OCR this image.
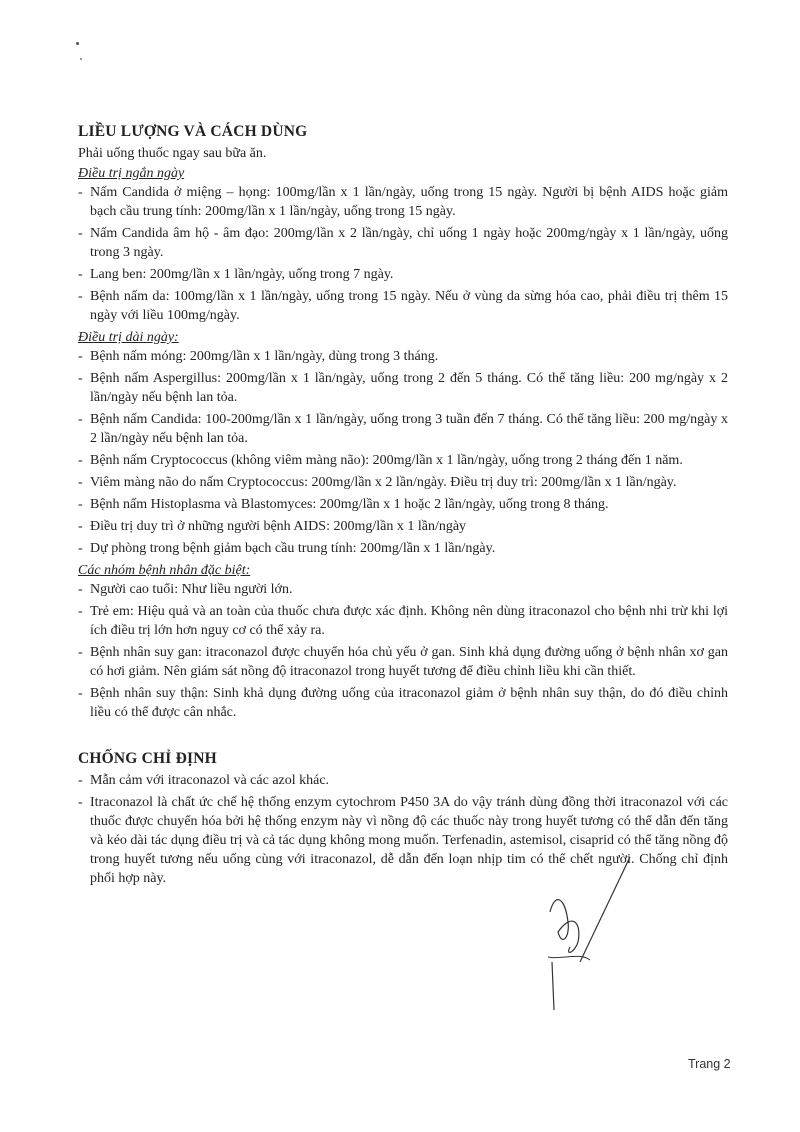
LIỀU LƯỢNG VÀ CÁCH DÙNG

Phải uống thuốc ngay sau bữa ăn.

Điều trị ngắn ngày
- Nấm Candida ở miệng – họng: 100mg/lần x 1 lần/ngày, uống trong 15 ngày. Người bị bệnh AIDS hoặc giảm bạch cầu trung tính: 200mg/lần x 1 lần/ngày, uống trong 15 ngày.
- Nấm Candida âm hộ - âm đạo: 200mg/lần x 2 lần/ngày, chỉ uống 1 ngày hoặc 200mg/ngày x 1 lần/ngày, uống trong 3 ngày.
- Lang ben: 200mg/lần x 1 lần/ngày, uống trong 7 ngày.
- Bệnh nấm da: 100mg/lần x 1 lần/ngày, uống trong 15 ngày. Nếu ở vùng da sừng hóa cao, phải điều trị thêm 15 ngày với liều 100mg/ngày.
Điều trị dài ngày:
- Bệnh nấm móng: 200mg/lần x 1 lần/ngày, dùng trong 3 tháng.
- Bệnh nấm Aspergillus: 200mg/lần x 1 lần/ngày, uống trong 2 đến 5 tháng. Có thể tăng liều: 200 mg/ngày x 2 lần/ngày nếu bệnh lan tỏa.
- Bệnh nấm Candida: 100-200mg/lần x 1 lần/ngày, uống trong 3 tuần đến 7 tháng. Có thể tăng liều: 200 mg/ngày x 2 lần/ngày nếu bệnh lan tỏa.
- Bệnh nấm Cryptococcus (không viêm màng não): 200mg/lần x 1 lần/ngày, uống trong 2 tháng đến 1 năm.
- Viêm màng não do nấm Cryptococcus: 200mg/lần x 2 lần/ngày. Điều trị duy trì: 200mg/lần x 1 lần/ngày.
- Bệnh nấm Histoplasma và Blastomyces: 200mg/lần x 1 hoặc 2 lần/ngày, uống trong 8 tháng.
- Điều trị duy trì ở những người bệnh AIDS: 200mg/lần x 1 lần/ngày
- Dự phòng trong bệnh giảm bạch cầu trung tính: 200mg/lần x 1 lần/ngày.
Các nhóm bệnh nhân đặc biệt:
- Người cao tuổi: Như liều người lớn.
- Trẻ em: Hiệu quả và an toàn của thuốc chưa được xác định. Không nên dùng itraconazol cho bệnh nhi trừ khi lợi ích điều trị lớn hơn nguy cơ có thể xảy ra.
- Bệnh nhân suy gan: itraconazol được chuyển hóa chủ yếu ở gan. Sinh khả dụng đường uống ở bệnh nhân xơ gan có hơi giảm. Nên giám sát nồng độ itraconazol trong huyết tương để điều chỉnh liều khi cần thiết.
- Bệnh nhân suy thận: Sinh khả dụng đường uống của itraconazol giảm ở bệnh nhân suy thận, do đó điều chỉnh liều có thể được cân nhắc.
CHỐNG CHỈ ĐỊNH
- Mẫn cảm với itraconazol và các azol khác.
- Itraconazol là chất ức chế hệ thống enzym cytochrom P450 3A do vậy tránh dùng đồng thời itraconazol với các thuốc được chuyển hóa bởi hệ thống enzym này vì nồng độ các thuốc này trong huyết tương có thể dẫn đến tăng và kéo dài tác dụng điều trị và cả tác dụng không mong muốn. Terfenadin, astemisol, cisaprid có thể tăng nồng độ trong huyết tương nếu uống cùng với itraconazol, dễ dẫn đến loạn nhịp tim có thể chết người. Chống chỉ định phối hợp này.
Trang 2
